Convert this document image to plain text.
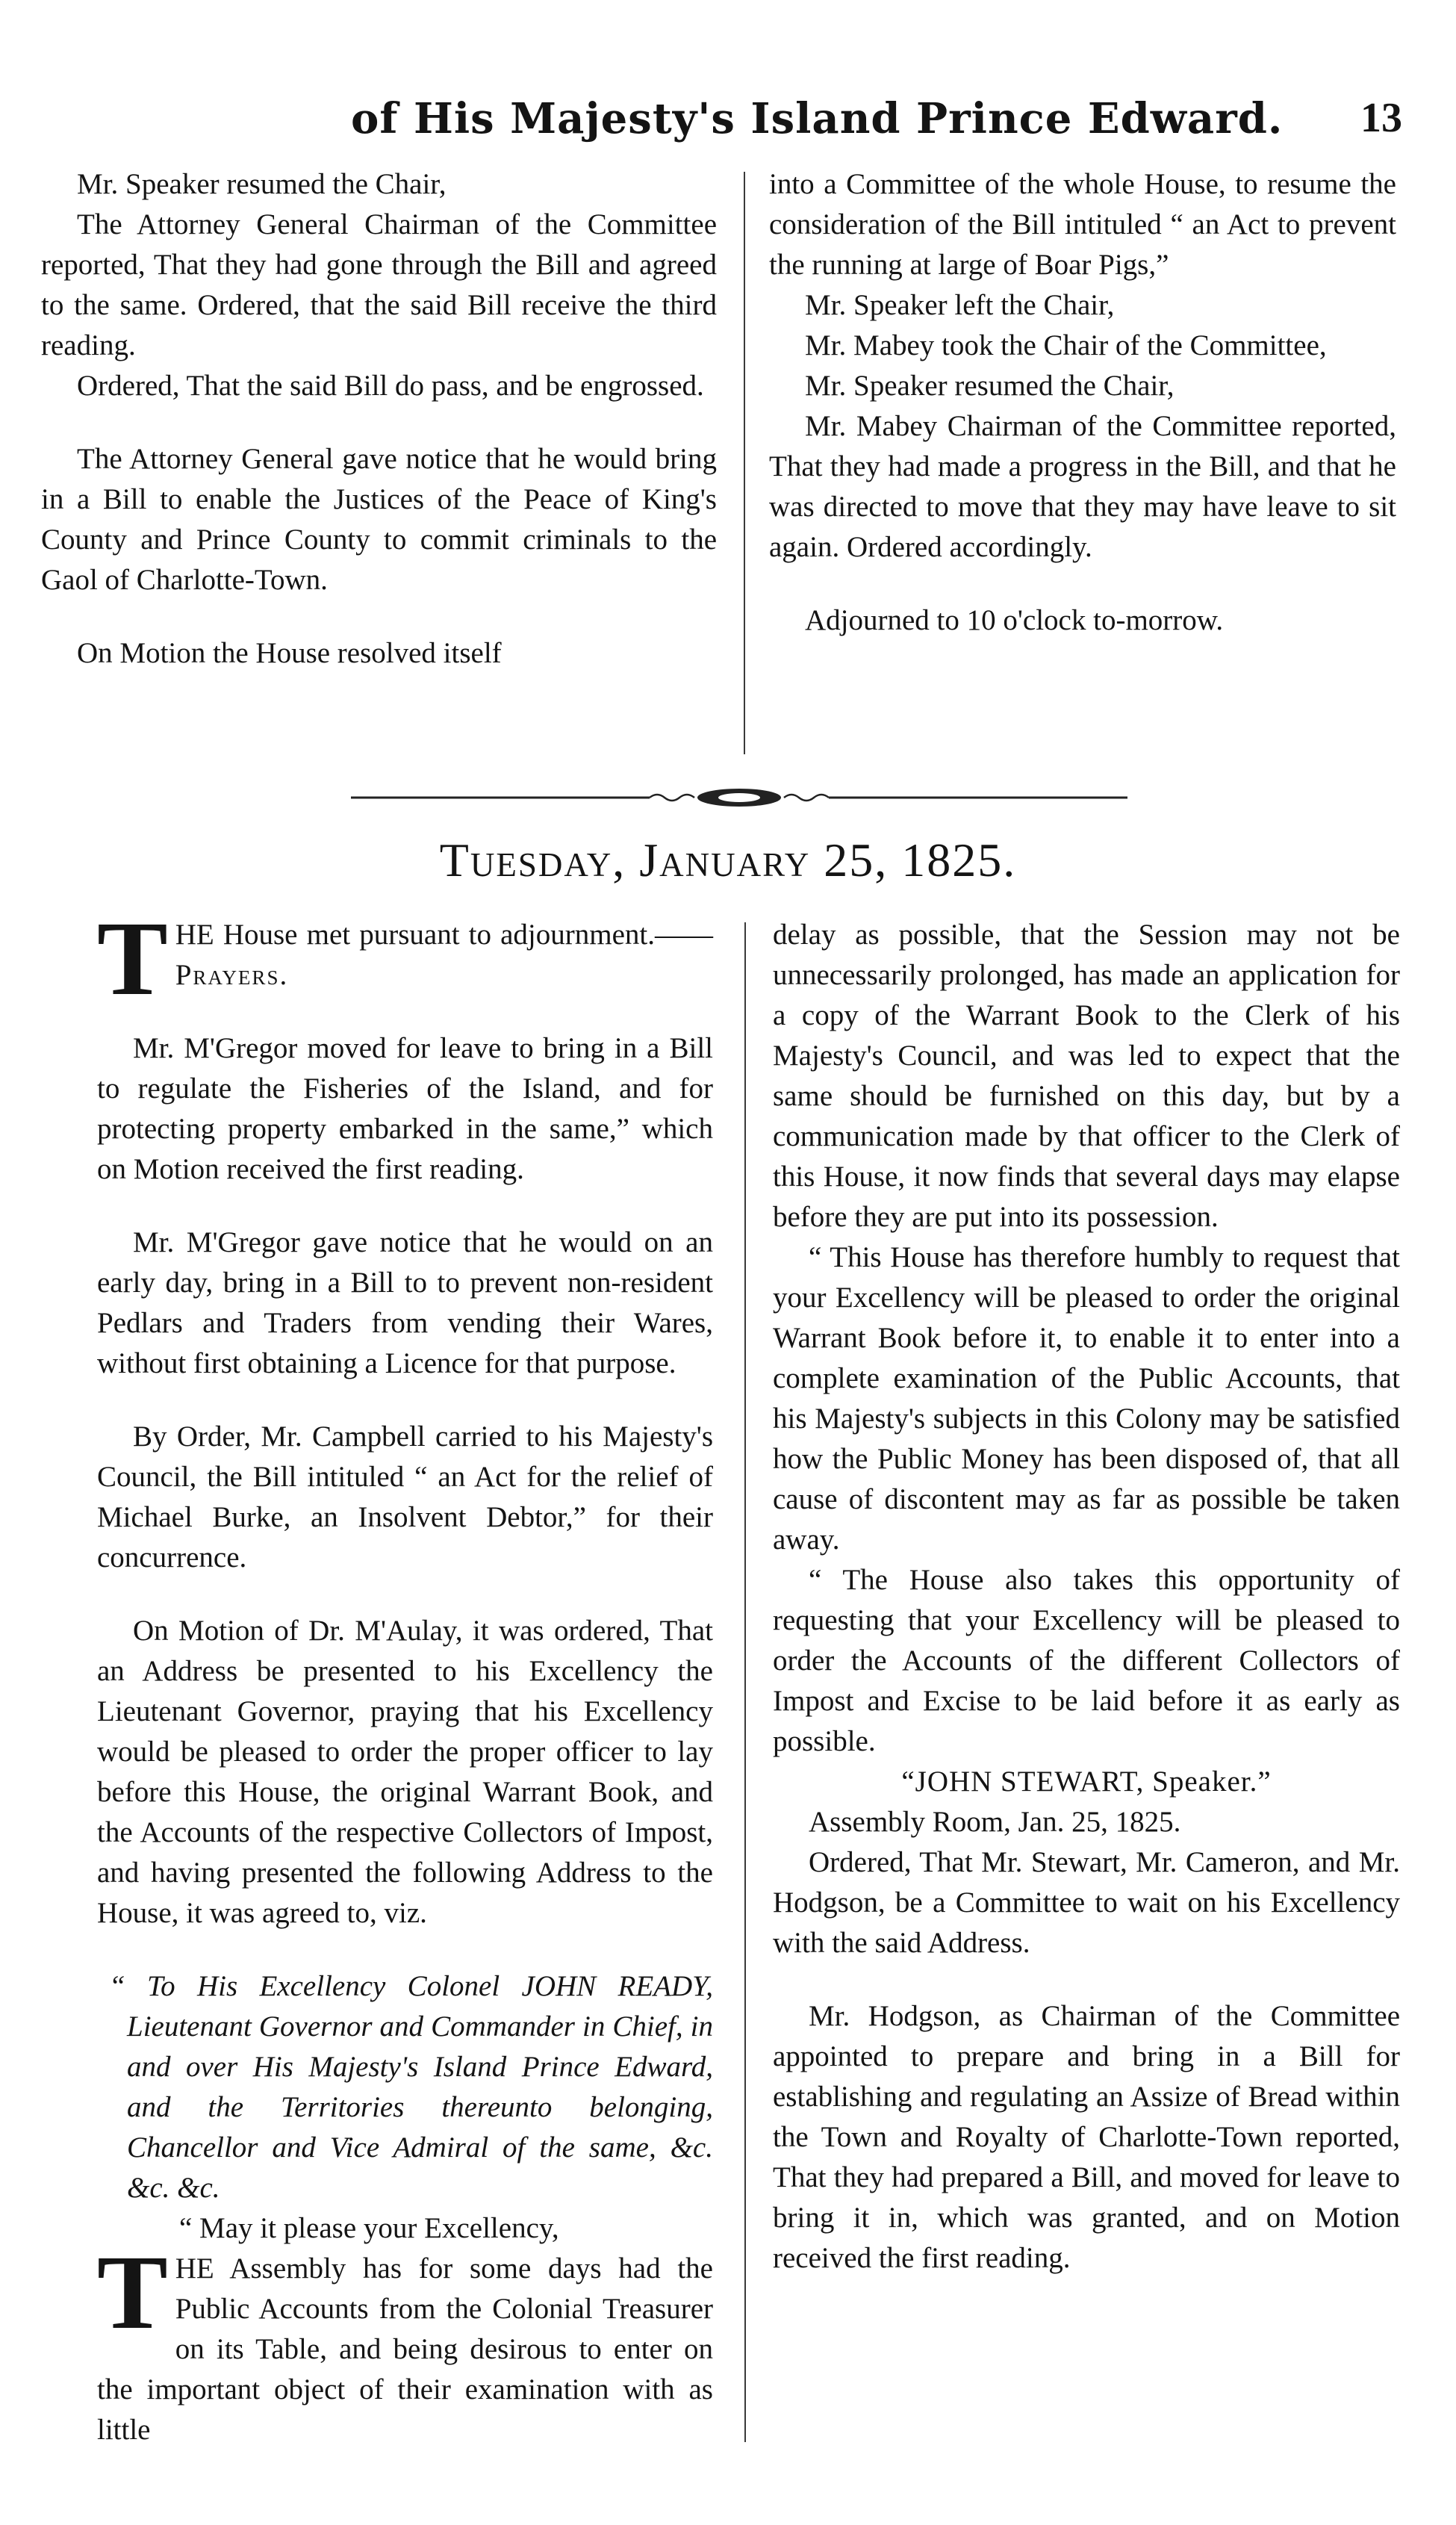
of His Majesty's Island Prince Edward. 13

Mr. Speaker resumed the Chair,

The Attorney General Chairman of the Committee reported, That they had gone through the Bill and agreed to the same. Ordered, that the said Bill receive the third reading.

Ordered, That the said Bill do pass, and be engrossed.

The Attorney General gave notice that he would bring in a Bill to enable the Justices of the Peace of King's County and Prince County to commit criminals to the Gaol of Charlotte-Town.

On Motion the House resolved itself

into a Committee of the whole House, to resume the consideration of the Bill intituled “ an Act to prevent the running at large of Boar Pigs,”

Mr. Speaker left the Chair,

Mr. Mabey took the Chair of the Committee,

Mr. Speaker resumed the Chair,

Mr. Mabey Chairman of the Committee reported, That they had made a progress in the Bill, and that he was directed to move that they may have leave to sit again. Ordered accordingly.

Adjourned to 10 o'clock to-morrow.

Tuesday, January 25, 1825.

THE House met pursuant to adjournment.——Prayers.

Mr. M'Gregor moved for leave to bring in a Bill to regulate the Fisheries of the Island, and for protecting property embarked in the same,” which on Motion received the first reading.

Mr. M'Gregor gave notice that he would on an early day, bring in a Bill to to prevent non-resident Pedlars and Traders from vending their Wares, without first obtaining a Licence for that purpose.

By Order, Mr. Campbell carried to his Majesty's Council, the Bill intituled “ an Act for the relief of Michael Burke, an Insolvent Debtor,” for their concurrence.

On Motion of Dr. M'Aulay, it was ordered, That an Address be presented to his Excellency the Lieutenant Governor, praying that his Excellency would be pleased to order the proper officer to lay before this House, the original Warrant Book, and the Accounts of the respective Collectors of Impost, and having presented the following Address to the House, it was agreed to, viz.

“ To His Excellency Colonel JOHN READY, Lieutenant Governor and Commander in Chief, in and over His Majesty's Island Prince Edward, and the Territories thereunto belonging, Chancellor and Vice Admiral of the same, &c. &c. &c.

“ May it please your Excellency,

THE Assembly has for some days had the Public Accounts from the Colonial Treasurer on its Table, and being desirous to enter on the important object of their examination with as little

delay as possible, that the Session may not be unnecessarily prolonged, has made an application for a copy of the Warrant Book to the Clerk of his Majesty's Council, and was led to expect that the same should be furnished on this day, but by a communication made by that officer to the Clerk of this House, it now finds that several days may elapse before they are put into its possession.

“ This House has therefore humbly to request that your Excellency will be pleased to order the original Warrant Book before it, to enable it to enter into a complete examination of the Public Accounts, that his Majesty's subjects in this Colony may be satisfied how the Public Money has been disposed of, that all cause of discontent may as far as possible be taken away.

“ The House also takes this opportunity of requesting that your Excellency will be pleased to order the Accounts of the different Collectors of Impost and Excise to be laid before it as early as possible.

“JOHN STEWART, Speaker.”

Assembly Room, Jan. 25, 1825.

Ordered, That Mr. Stewart, Mr. Cameron, and Mr. Hodgson, be a Committee to wait on his Excellency with the said Address.

Mr. Hodgson, as Chairman of the Committee appointed to prepare and bring in a Bill for establishing and regulating an Assize of Bread within the Town and Royalty of Charlotte-Town reported, That they had prepared a Bill, and moved for leave to bring it in, which was granted, and on Motion received the first reading.
